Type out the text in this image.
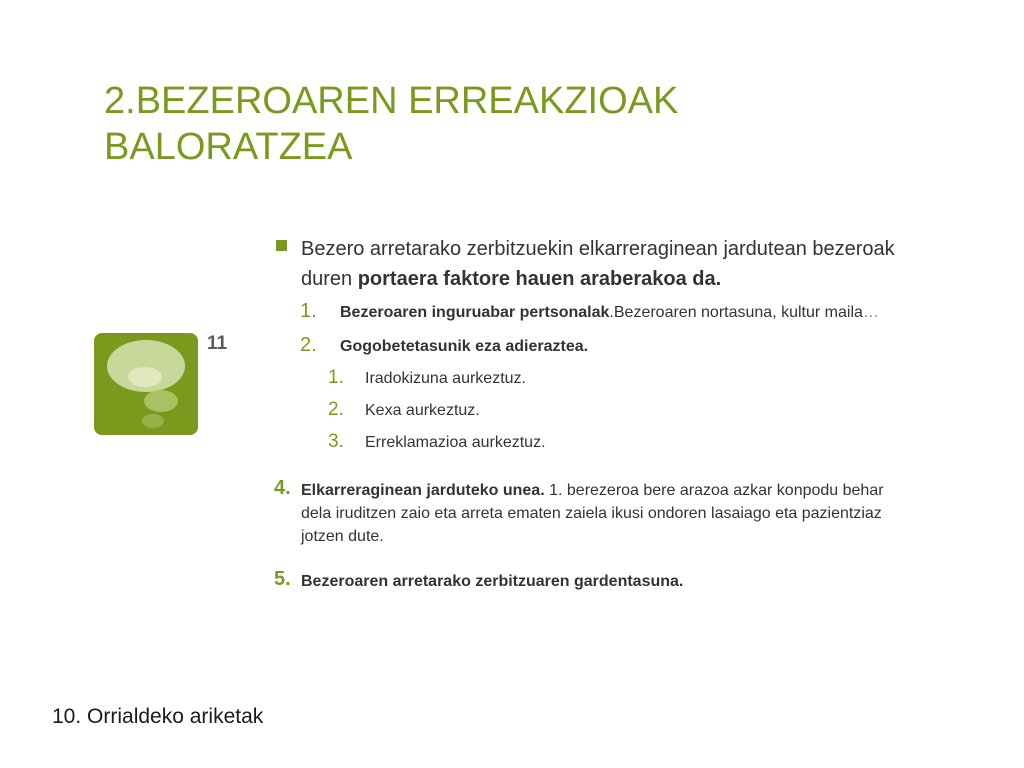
2.BEZEROAREN ERREAKZIOAK
BALORATZEA
11
Bezero arretarako zerbitzuekin elkarreraginean jardutean bezeroak duren portaera faktore hauen araberakoa da.
1. Bezeroaren inguruabar pertsonalak.Bezeroaren nortasuna, kultur maila…
2. Gogobetetasunik eza adieraztea.
1. Iradokizuna aurkeztuz.
2. Kexa aurkeztuz.
3. Erreklamazioa aurkeztuz.
4. Elkarreraginean jarduteko unea. 1. berezeroa bere arazoa azkar konpodu behar dela iruditzen zaio eta arreta ematen zaiela ikusi ondoren lasaiago eta pazientziaz jotzen dute.
5. Bezeroaren arretarako zerbitzuaren gardentasuna.
10. Orrialdeko ariketak
